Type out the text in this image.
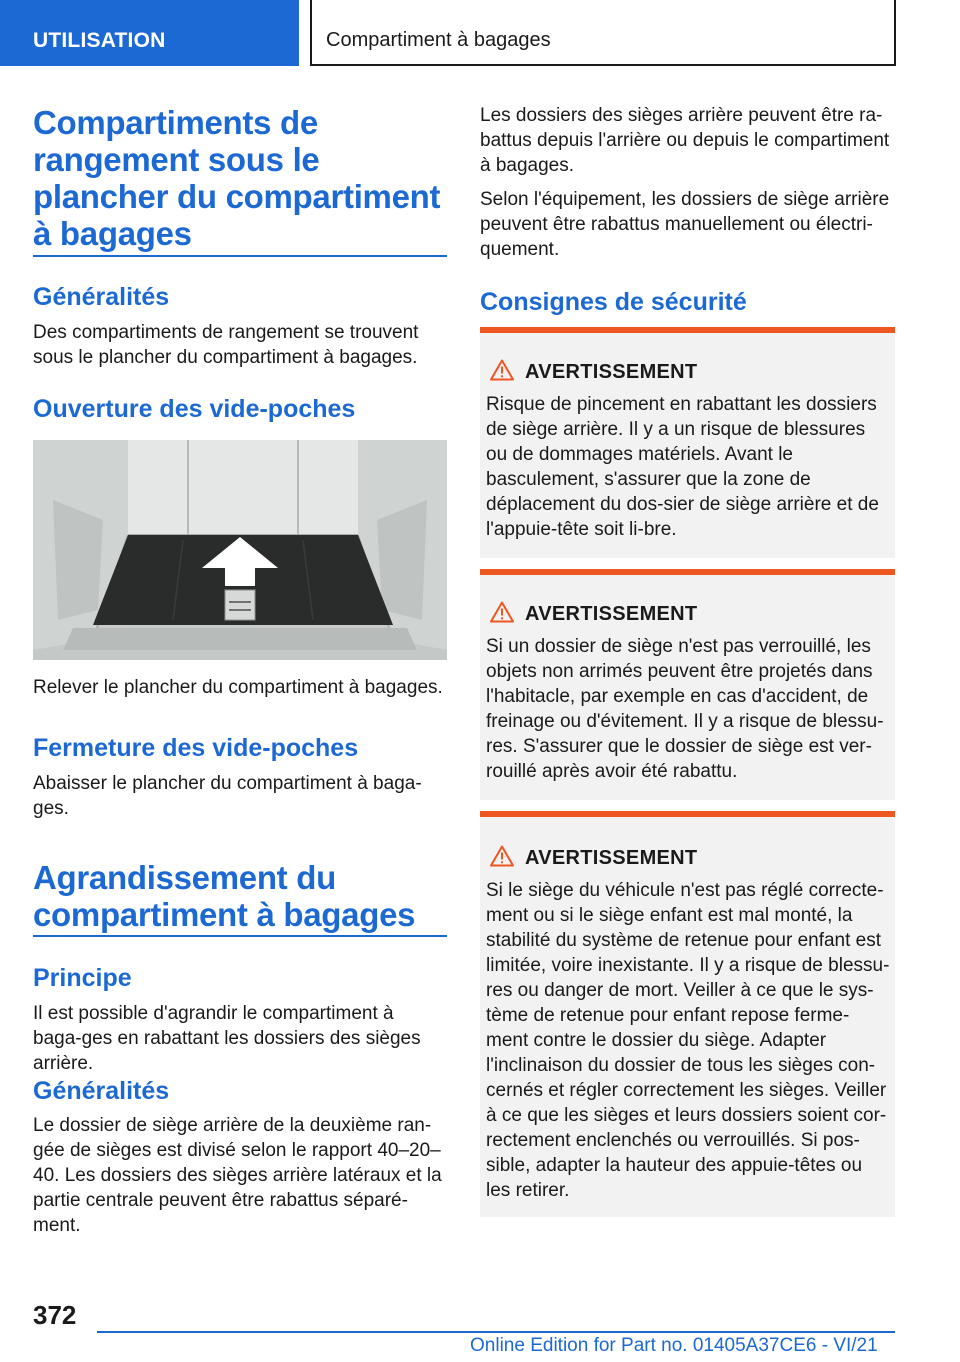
UTILISATION	Compartiment à bagages
Compartiments de rangement sous le plancher du compartiment à bagages
Généralités
Des compartiments de rangement se trouvent sous le plancher du compartiment à bagages.
Ouverture des vide-poches
Relever le plancher du compartiment à bagages.
Fermeture des vide-poches
Abaisser le plancher du compartiment à baga-ges.
Agrandissement du compartiment à bagages
Principe
Il est possible d'agrandir le compartiment à baga-ges en rabattant les dossiers des sièges arrière.
Généralités
Le dossier de siège arrière de la deuxième ran-gée de sièges est divisé selon le rapport 40–20–40. Les dossiers des sièges arrière latéraux et la partie centrale peuvent être rabattus séparé-ment.
Les dossiers des sièges arrière peuvent être ra-battus depuis l'arrière ou depuis le compartiment à bagages.
Selon l'équipement, les dossiers de siège arrière peuvent être rabattus manuellement ou électri-quement.
Consignes de sécurité
AVERTISSEMENT
Risque de pincement en rabattant les dossiers de siège arrière. Il y a un risque de blessures ou de dommages matériels. Avant le basculement, s'assurer que la zone de déplacement du dos-sier de siège arrière et de l'appuie-tête soit li-bre.
AVERTISSEMENT
Si un dossier de siège n'est pas verrouillé, les objets non arrimés peuvent être projetés dans l'habitacle, par exemple en cas d'accident, de freinage ou d'évitement. Il y a risque de blessu-res. S'assurer que le dossier de siège est ver-rouillé après avoir été rabattu.
AVERTISSEMENT
Si le siège du véhicule n'est pas réglé correcte-ment ou si le siège enfant est mal monté, la stabilité du système de retenue pour enfant est limitée, voire inexistante. Il y a risque de blessu-res ou danger de mort. Veiller à ce que le sys-tème de retenue pour enfant repose ferme-ment contre le dossier du siège. Adapter l'inclinaison du dossier de tous les sièges con-cernés et régler correctement les sièges. Veiller à ce que les sièges et leurs dossiers soient cor-rectement enclenchés ou verrouillés. Si pos-sible, adapter la hauteur des appuie-têtes ou les retirer.
372
Online Edition for Part no. 01405A37CE6 - VI/21
